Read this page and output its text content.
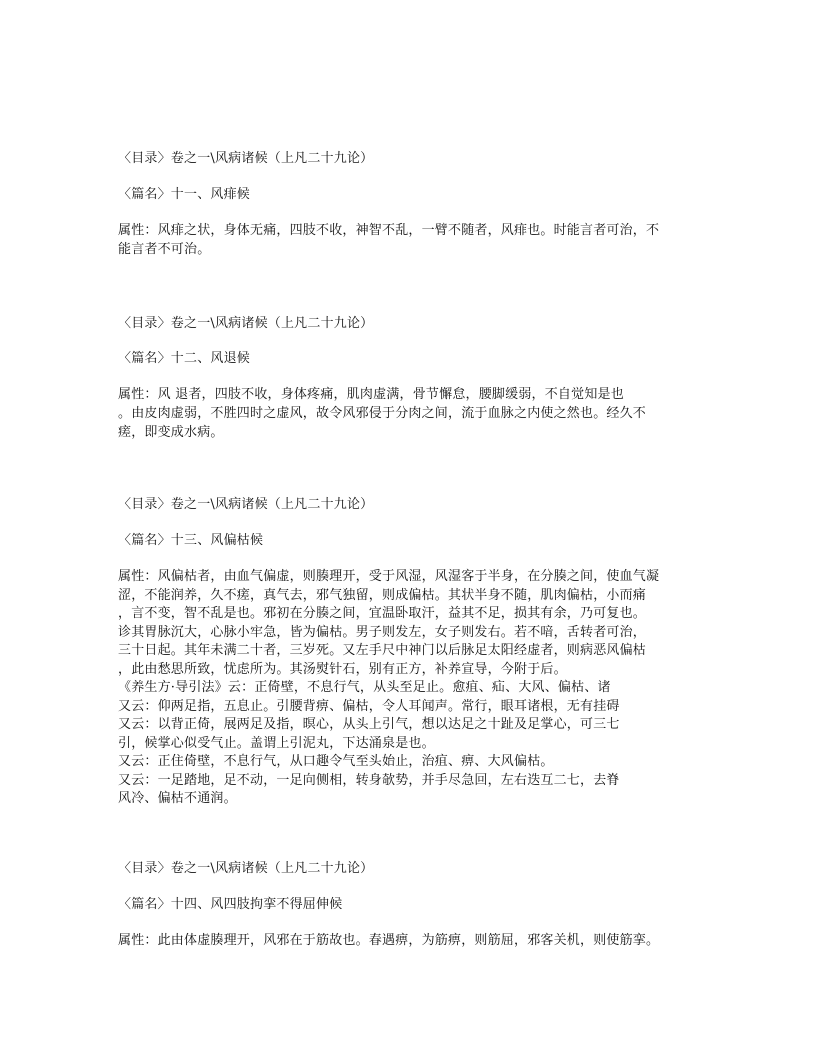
〈目录〉卷之一\风病诸候（上凡二十九论）
〈篇名〉十一、风痱候
属性：风痱之状，身体无痛，四肢不收，神智不乱，一臂不随者，风痱也。时能言者可治，不
能言者不可治。
〈目录〉卷之一\风病诸候（上凡二十九论）
〈篇名〉十二、风退候
属性：风 退者，四肢不收，身体疼痛，肌肉虚满，骨节懈怠，腰脚缓弱，不自觉知是也
。由皮肉虚弱，不胜四时之虚风，故令风邪侵于分肉之间，流于血脉之内使之然也。经久不
瘥，即变成水病。
〈目录〉卷之一\风病诸候（上凡二十九论）
〈篇名〉十三、风偏枯候
属性：风偏枯者，由血气偏虚，则腠理开，受于风湿，风湿客于半身，在分腠之间，使血气凝
涩，不能润养，久不瘥，真气去，邪气独留，则成偏枯。其状半身不随，肌肉偏枯，小而痛
，言不变，智不乱是也。邪初在分腠之间，宜温卧取汗，益其不足，损其有余，乃可复也。
诊其胃脉沉大，心脉小牢急，皆为偏枯。男子则发左，女子则发右。若不喑，舌转者可治，
三十日起。其年未满二十者，三岁死。又左手尺中神门以后脉足太阳经虚者，则病恶风偏枯
，此由愁思所致，忧虑所为。其汤熨针石，别有正方，补养宣导，今附于后。
《养生方·导引法》云：正倚壁，不息行气，从头至足止。愈疽、疝、大风、偏枯、诸
又云：仰两足指，五息止。引腰背痹、偏枯，令人耳闻声。常行，眼耳诸根，无有挂碍
又云：以背正倚，展两足及指，暝心，从头上引气，想以达足之十趾及足掌心，可三七
引，候掌心似受气止。盖谓上引泥丸，下达涌泉是也。
又云：正住倚壁，不息行气，从口趣令气至头始止，治疽、痹、大风偏枯。
又云：一足踏地，足不动，一足向侧相，转身欹势，并手尽急回，左右迭互二七，去脊
风冷、偏枯不通润。
〈目录〉卷之一\风病诸候（上凡二十九论）
〈篇名〉十四、风四肢拘挛不得屈伸候
属性：此由体虚腠理开，风邪在于筋故也。春遇痹，为筋痹，则筋屈，邪客关机，则使筋挛。
